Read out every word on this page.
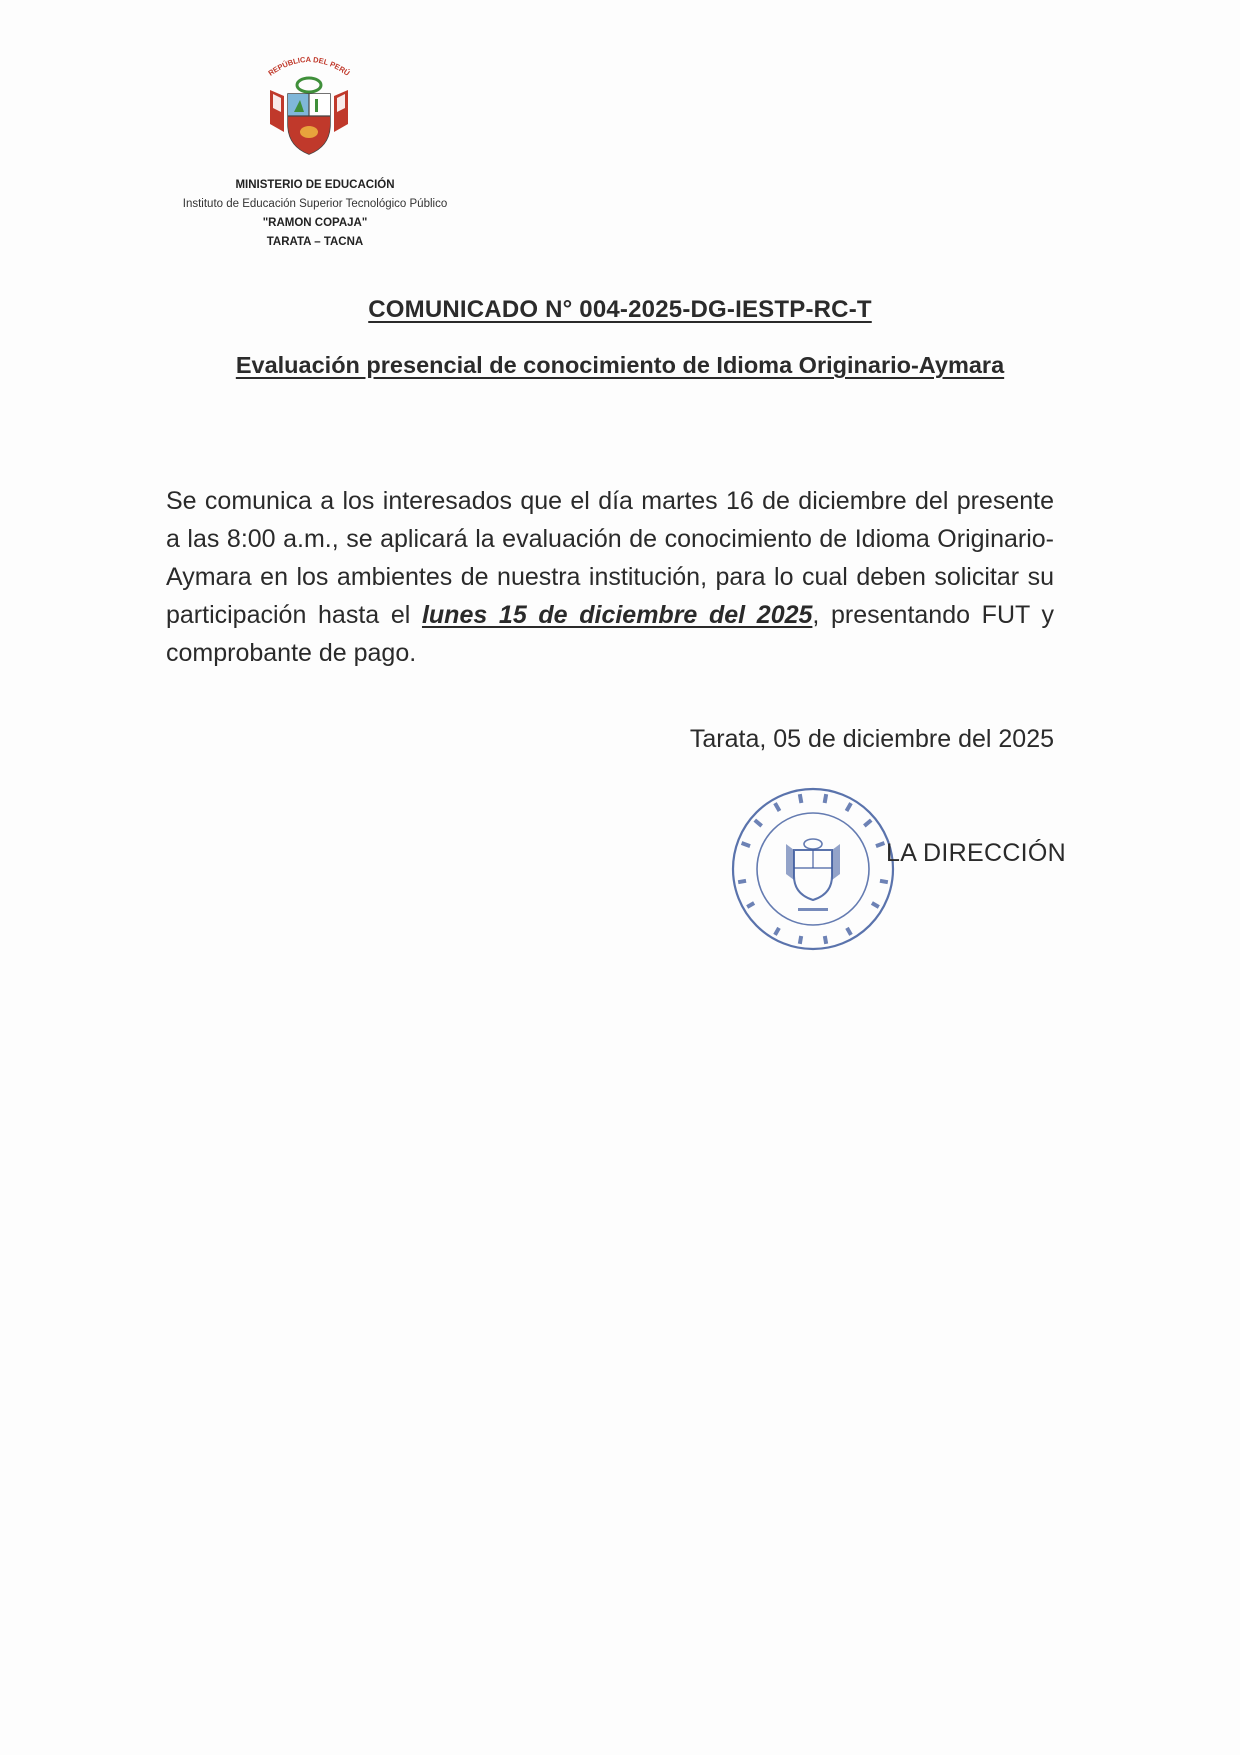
REPÚBLICA DEL PERÚ
MINISTERIO DE EDUCACIÓN
Instituto de Educación Superior Tecnológico Público
"RAMON COPAJA"
TARATA – TACNA
COMUNICADO N° 004-2025-DG-IESTP-RC-T
Evaluación presencial de conocimiento de Idioma Originario-Aymara

Se comunica a los interesados que el día martes 16 de diciembre del presente a las 8:00 a.m., se aplicará la evaluación de conocimiento de Idioma Originario-Aymara en los ambientes de nuestra institución, para lo cual deben solicitar su participación hasta el lunes 15 de diciembre del 2025, presentando FUT y comprobante de pago.

Tarata, 05 de diciembre del 2025
LA DIRECCIÓN
